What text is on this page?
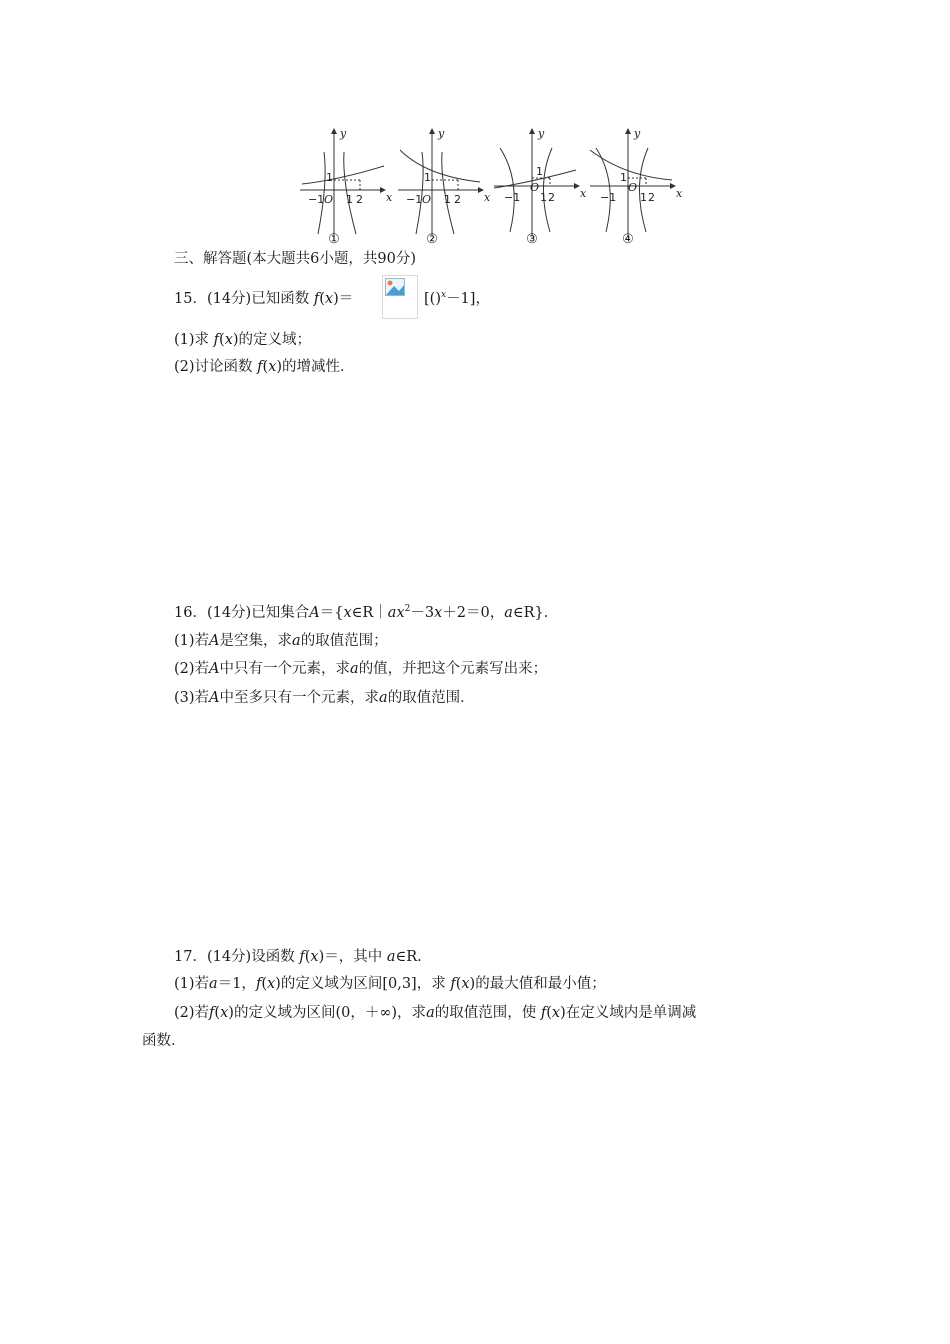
y
x
1
−1 O 1 2
①
y
x
1
−1 O 1 2
②
y
x
1
−1
O
1 2
③
y
x
1
−1
O
1 2
④
三、解答题(本大题共6小题，共90分)
15．(14分)已知函数 f(x)＝	[()$^x$－1]，
(1)求 f(x)的定义域；
(2)讨论函数 f(x)的增减性．
16．(14分)已知集合$A=\{x\in R|ax^2-3x+2=0$，a∈R}．
(1)若A是空集，求a的取值范围；
(2)若A中只有一个元素，求a的值，并把这个元素写出来；
(3)若A中至多只有一个元素，求a的取值范围．
17．(14分)设函数 f(x)＝，其中 a∈R.
(1)若a＝1，f(x)的定义域为区间[0,3]，求 f(x)的最大值和最小值；
(2)若f(x)的定义域为区间(0，＋∞)，求a的取值范围，使 f(x)在定义域内是单调减
函数．
